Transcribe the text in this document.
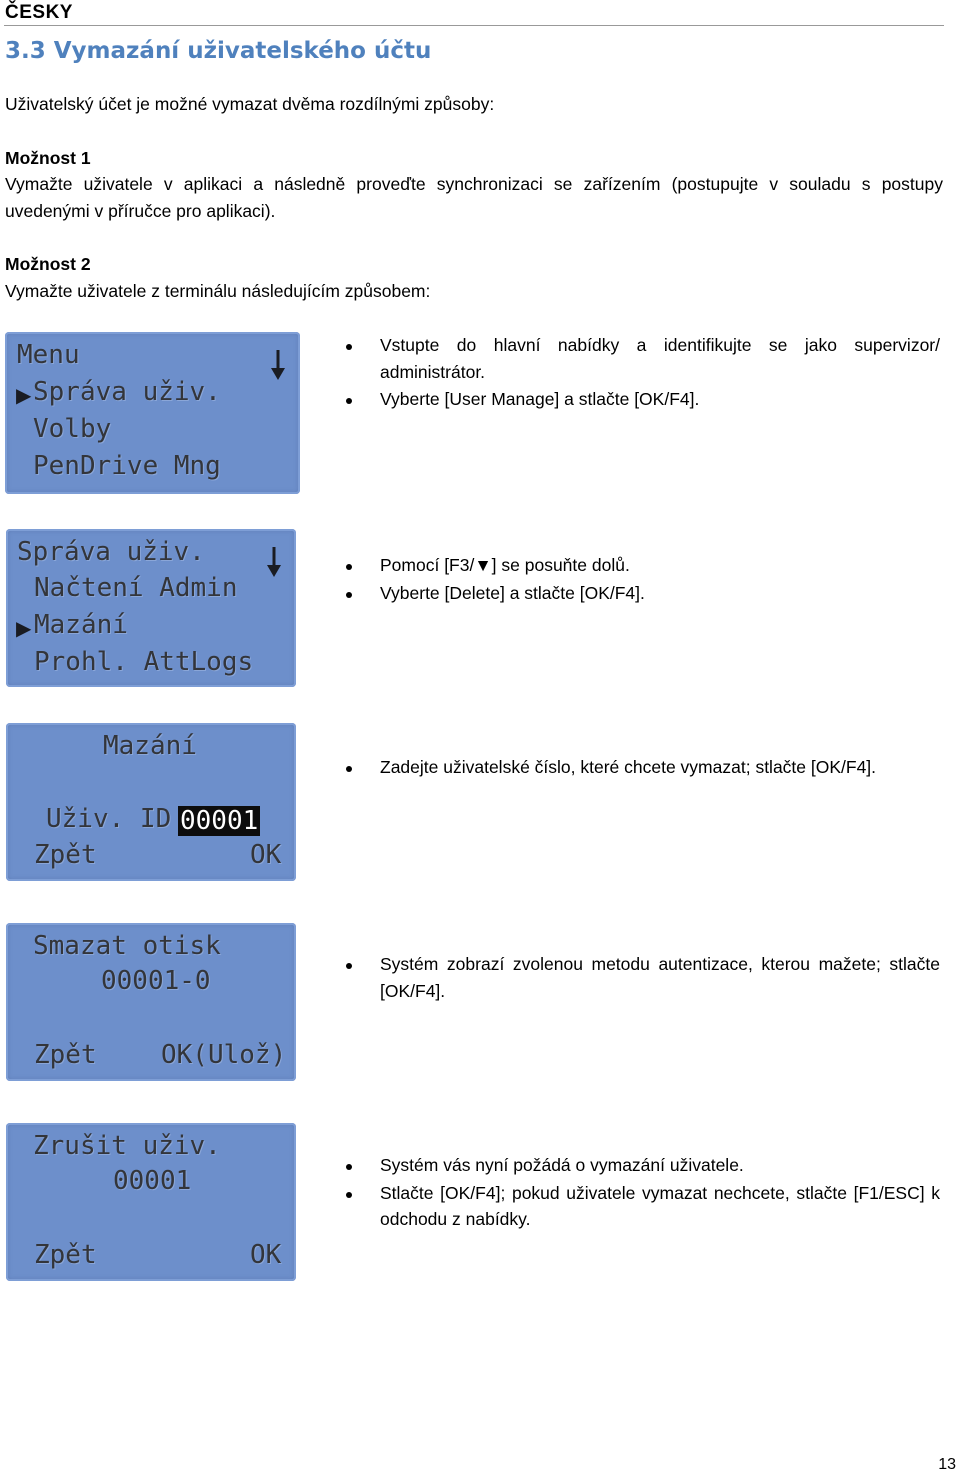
ČESKY
3.3 Vymazání uživatelského účtu
Uživatelský účet je možné vymazat dvěma rozdílnými způsoby:
Možnost 1
Vymažte uživatele v aplikaci a následně proveďte synchronizaci se zařízením (postupujte v souladu s postupy uvedenými v příručce pro aplikaci).
Možnost 2
Vymažte uživatele z terminálu následujícím způsobem:
Menu
▶ Správa uživ.
Volby
PenDrive Mng
Vstupte do hlavní nabídky a identifikujte se jako supervizor/ administrátor.
Vyberte [User Manage] a stlačte [OK/F4].
Správa uživ.
Načtení Admin
▶ Mazání
Prohl. AttLogs
Pomocí [F3/▼] se posuňte dolů.
Vyberte [Delete] a stlačte [OK/F4].
Mazání
Uživ. ID 00001
Zpět	OK
Zadejte uživatelské číslo, které chcete vymazat; stlačte [OK/F4].
Smazat otisk
00001-0
Zpět OK(Ulož)
Systém zobrazí zvolenou metodu autentizace, kterou mažete; stlačte [OK/F4].
Zrušit uživ.
00001
Zpět	OK
Systém vás nyní požádá o vymazání uživatele.
Stlačte [OK/F4]; pokud uživatele vymazat nechcete, stlačte [F1/ESC] k odchodu z nabídky.
13
